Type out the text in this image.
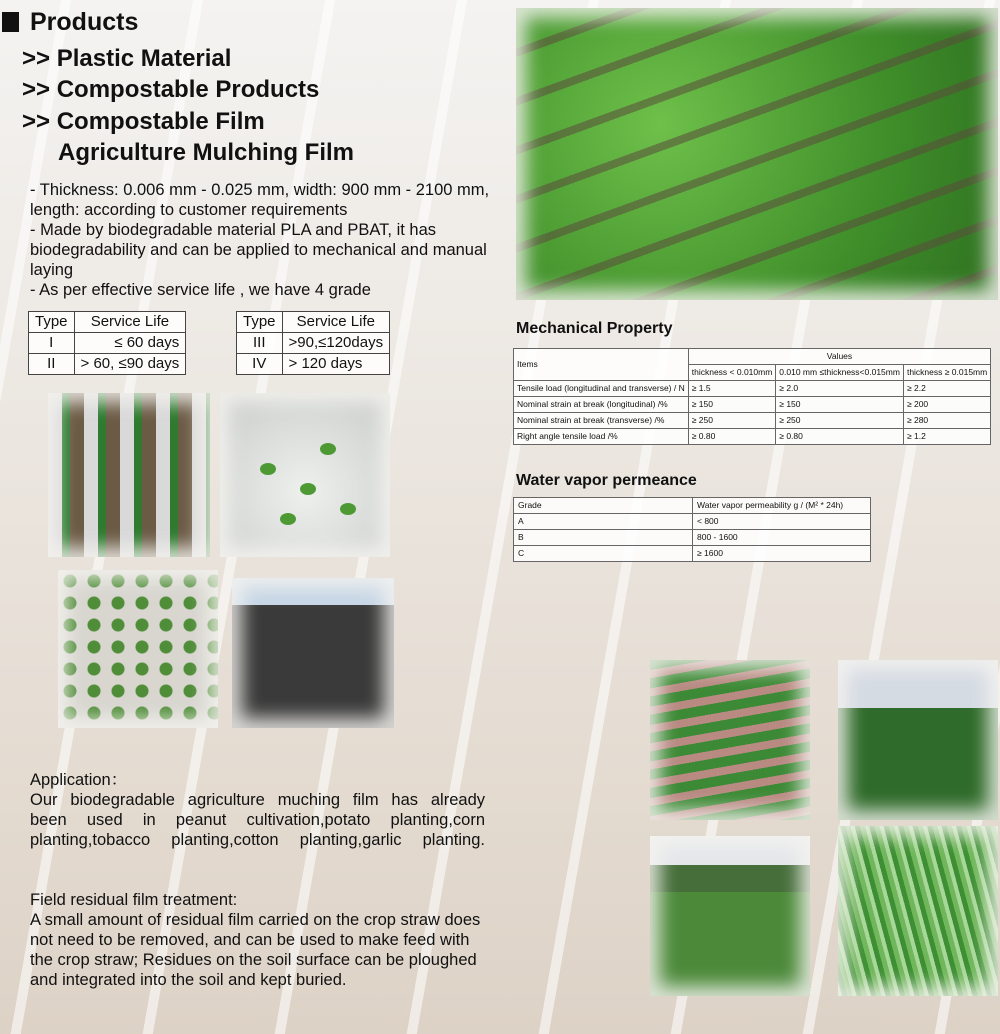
Products
>> Plastic Material
>> Compostable Products
>> Compostable Film
Agriculture Mulching Film

- Thickness: 0.006 mm - 0.025 mm, width: 900 mm - 2100 mm, length: according to customer requirements

- Made by biodegradable material PLA and PBAT, it has biodegradability and can be applied to mechanical and manual laying

- As per effective service life , we have 4 grade

Type	Service Life
I	≤ 60 days
II	> 60, ≤90 days
Type	Service Life
III	>90,≤120days
IV	> 120 days
Mechanical Property
Items	Values		
	thickness < 0.010mm	0.010 mm ≤thickness<0.015mm	thickness ≥ 0.015mm
Tensile load (longitudinal and transverse) / N	≥ 1.5	≥ 2.0	≥ 2.2
Nominal strain at break (longitudinal) /%	≥ 150	≥ 150	≥ 200
Nominal strain at break (transverse) /%	≥ 250	≥ 250	≥ 280
Right angle tensile load /%	≥ 0.80	≥ 0.80	≥ 1.2
Water vapor permeance
Grade	Water vapor permeability g / (M² * 24h)
A	< 800
B	800 - 1600
C	≥ 1600

Application：

Our biodegradable agriculture muching film has already

been used in peanut cultivation,potato planting,corn

planting,tobacco planting,cotton planting,garlic planting.

Field residual film treatment:

A small amount of residual film carried on the crop straw does not need to be removed, and can be used to make feed with the crop straw; Residues on the soil surface can be ploughed and integrated into the soil and kept buried.
